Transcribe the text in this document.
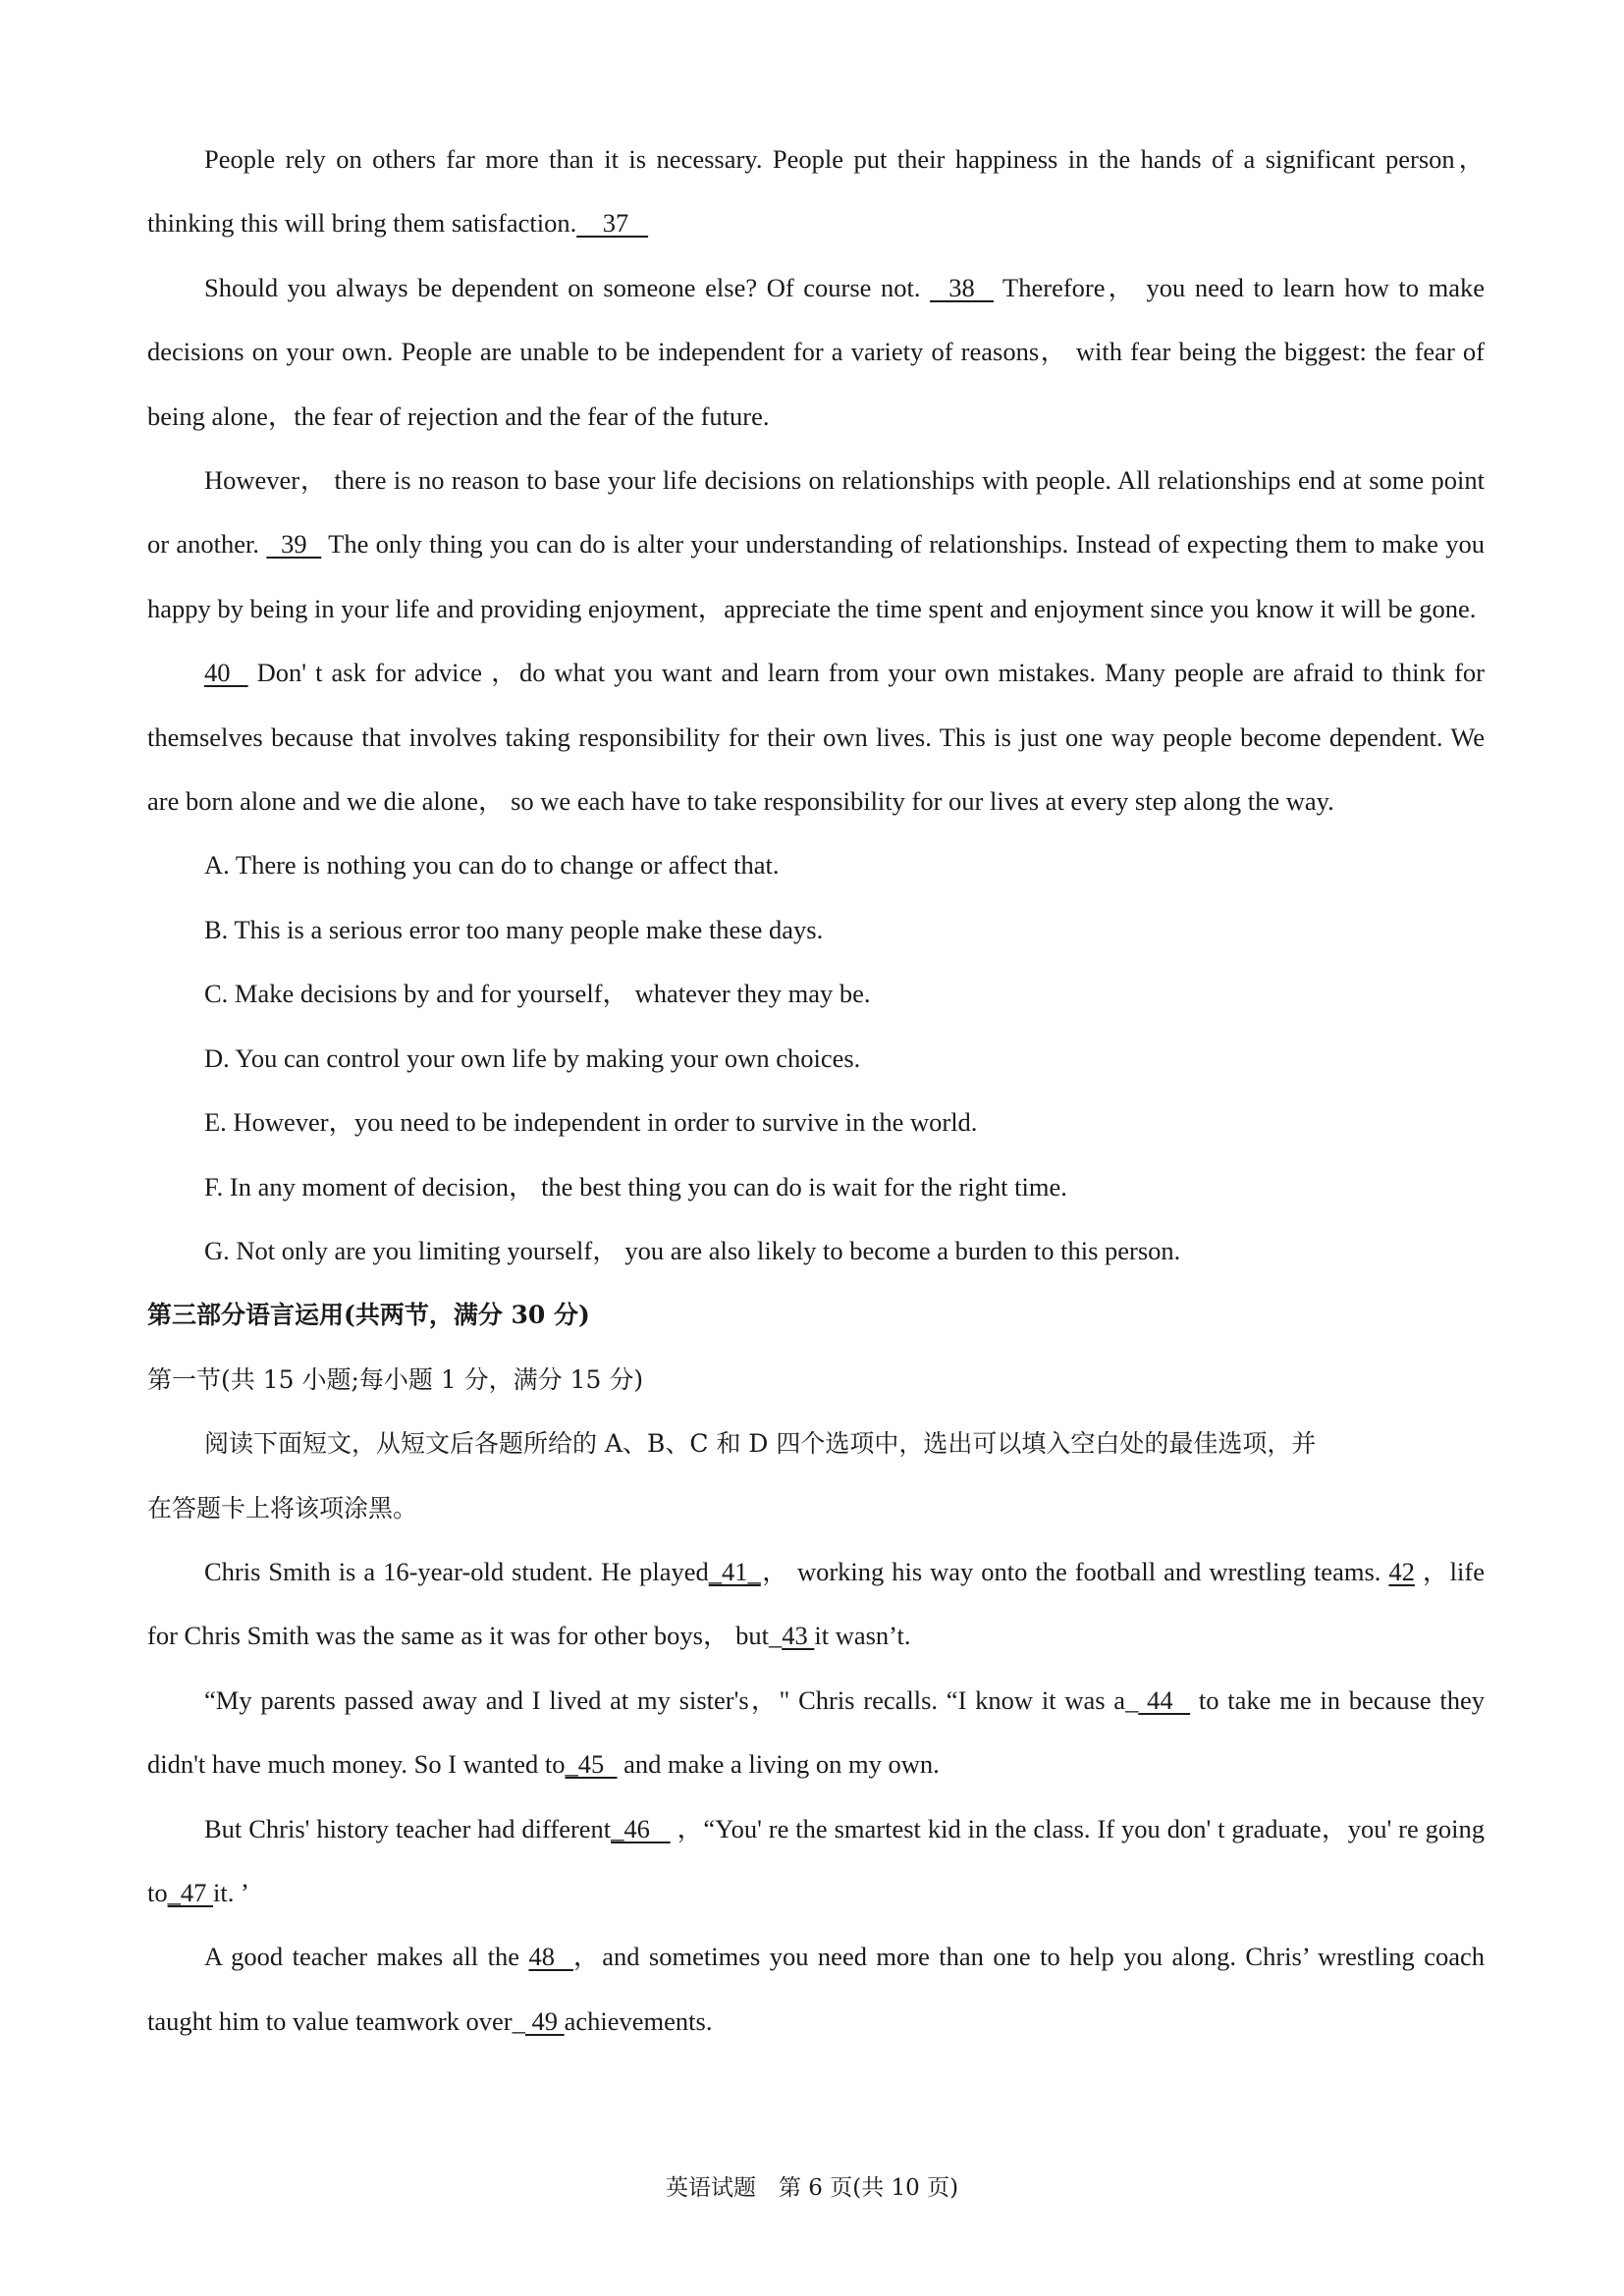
People rely on others far more than it is necessary. People put their happiness in the hands of a significant person，thinking this will bring them satisfaction.    37

Should you always be dependent on someone else? Of course not.   38   Therefore， you need to learn how to make decisions on your own. People are unable to be independent for a variety of reasons， with fear being the biggest: the fear of being alone，the fear of rejection and the fear of the future.

However， there is no reason to base your life decisions on relationships with people. All relationships end at some point or another.   39   The only thing you can do is alter your understanding of relationships. Instead of expecting them to make you happy by being in your life and providing enjoyment，appreciate the time spent and enjoyment since you know it will be gone.

40   Don' t ask for advice ，do what you want and learn from your own mistakes. Many people are afraid to think for themselves because that involves taking responsibility for their own lives. This is just one way people become dependent. We are born alone and we die alone， so we each have to take responsibility for our lives at every step along the way.

A. There is nothing you can do to change or affect that.

B. This is a serious error too many people make these days.

C. Make decisions by and for yourself， whatever they may be.

D. You can control your own life by making your own choices.

E. However，you need to be independent in order to survive in the world.

F. In any moment of decision， the best thing you can do is wait for the right time.

G. Not only are you limiting yourself， you are also likely to become a burden to this person.

第三部分语言运用(共两节，满分 30 分)

第一节(共 15 小题;每小题 1 分，满分 15 分)

阅读下面短文，从短文后各题所给的 A、B、C 和 D 四个选项中，选出可以填入空白处的最佳选项，并

在答题卡上将该项涂黑。

Chris Smith is a 16-year-old student. He played_41_， working his way onto the football and wrestling teams. 42 ，life for Chris Smith was the same as it was for other boys， but_43 it wasn’t.

“My parents passed away and I lived at my sister's，" Chris recalls. “I know it was a_ 44   to take me in because they didn't have much money. So I wanted to_45   and make a living on my own.

But Chris' history teacher had different_46    ，“You' re the smartest kid in the class. If you don' t graduate，you' re going to_47 it. ’

A good teacher makes all the 48  ，and sometimes you need more than one to help you along. Chris’ wrestling coach taught him to value teamwork over_ 49 achievements.

英语试题　第 6 页(共 10 页)
